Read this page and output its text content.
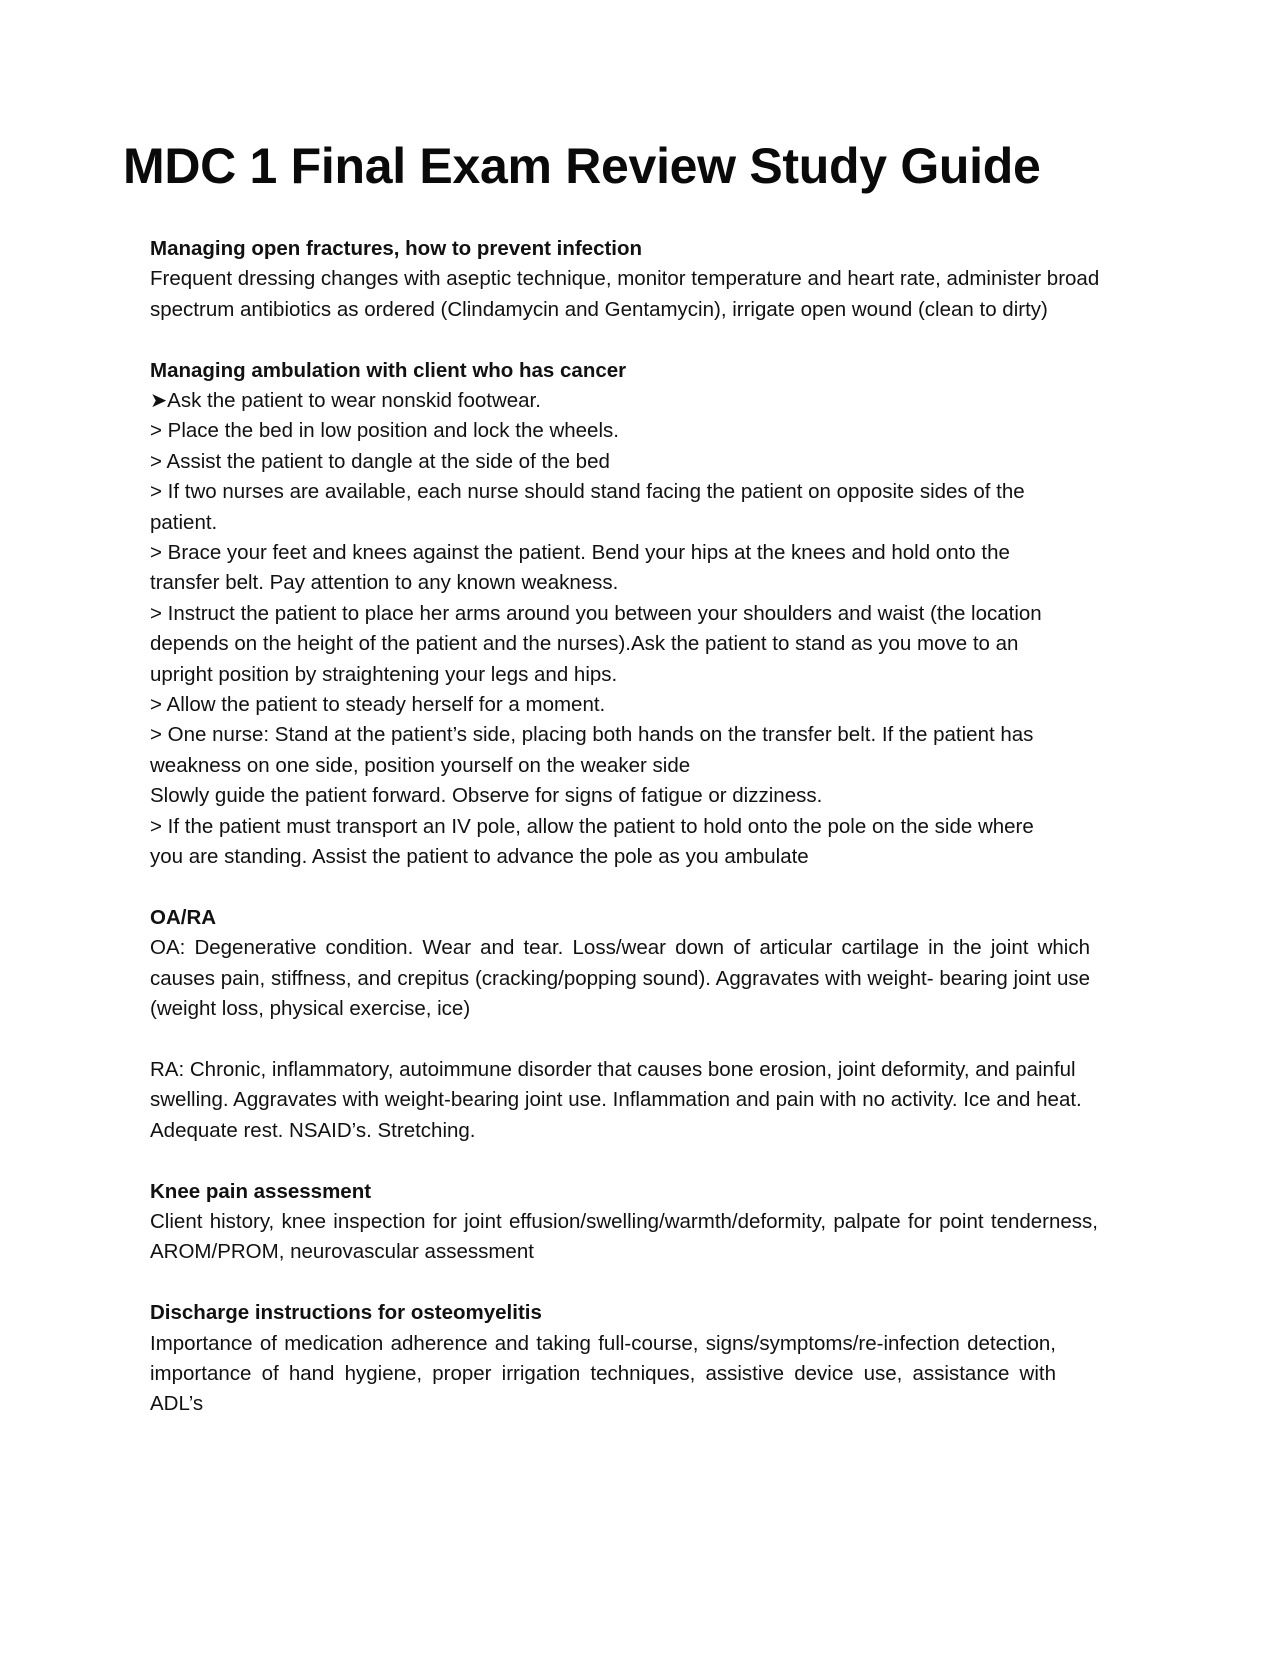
MDC 1 Final Exam Review Study Guide

Managing open fractures, how to prevent infection

Frequent dressing changes with aseptic technique, monitor temperature and heart rate, administer broad spectrum antibiotics as ordered (Clindamycin and Gentamycin), irrigate open wound (clean to dirty)

Managing ambulation with client who has cancer

➤Ask the patient to wear nonskid footwear.
> Place the bed in low position and lock the wheels.
> Assist the patient to dangle at the side of the bed
> If two nurses are available, each nurse should stand facing the patient on opposite sides of the patient.
> Brace your feet and knees against the patient. Bend your hips at the knees and hold onto the transfer belt. Pay attention to any known weakness.
> Instruct the patient to place her arms around you between your shoulders and waist (the location depends on the height of the patient and the nurses).Ask the patient to stand as you move to an upright position by straightening your legs and hips.
> Allow the patient to steady herself for a moment.
> One nurse: Stand at the patient’s side, placing both hands on the transfer belt. If the patient has weakness on one side, position yourself on the weaker side
Slowly guide the patient forward. Observe for signs of fatigue or dizziness.
> If the patient must transport an IV pole, allow the patient to hold onto the pole on the side where you are standing. Assist the patient to advance the pole as you ambulate

OA/RA

OA: Degenerative condition. Wear and tear. Loss/wear down of articular cartilage in the joint which causes pain, stiffness, and crepitus (cracking/popping sound). Aggravates with weight- bearing joint use (weight loss, physical exercise, ice)

RA: Chronic, inflammatory, autoimmune disorder that causes bone erosion, joint deformity, and painful swelling. Aggravates with weight-bearing joint use. Inflammation and pain with no activity. Ice and heat. Adequate rest. NSAID’s. Stretching.

Knee pain assessment

Client history, knee inspection for joint effusion/swelling/warmth/deformity, palpate for point tenderness, AROM/PROM, neurovascular assessment

Discharge instructions for osteomyelitis

Importance of medication adherence and taking full-course, signs/symptoms/re-infection detection, importance of hand hygiene, proper irrigation techniques, assistive device use, assistance with ADL’s
